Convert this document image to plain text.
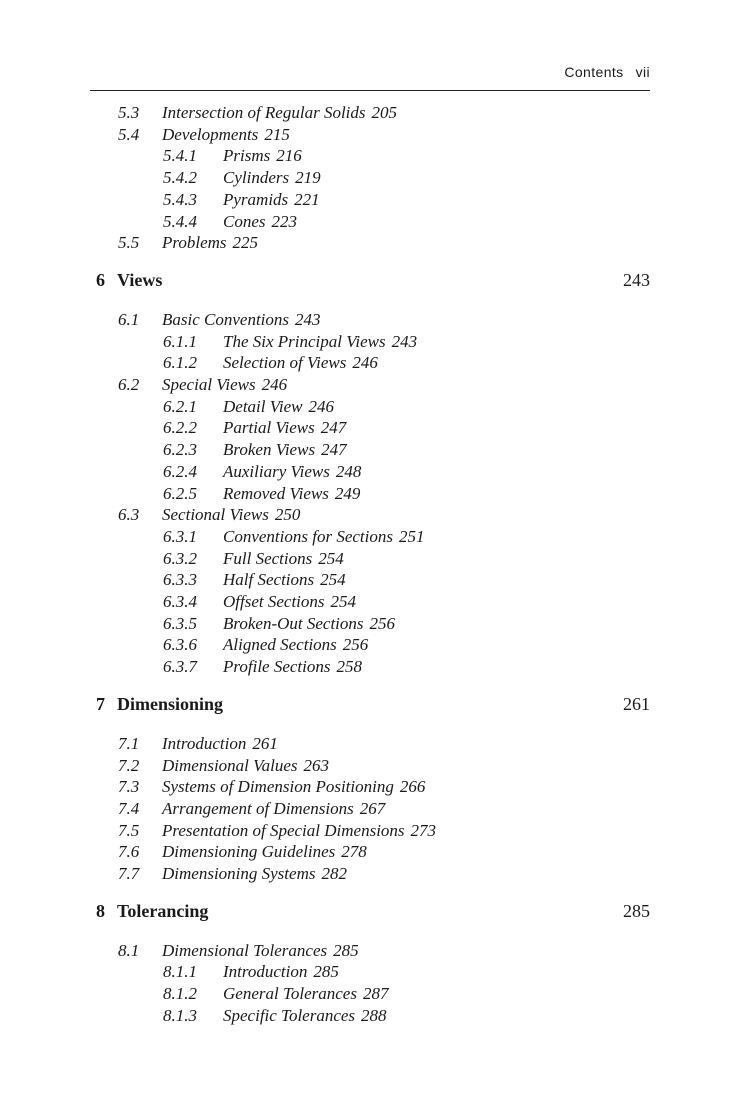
Contents vii
5.3 Intersection of Regular Solids 205
5.4 Developments 215
5.4.1 Prisms 216
5.4.2 Cylinders 219
5.4.3 Pyramids 221
5.4.4 Cones 223
5.5 Problems 225
6 Views	243
6.1 Basic Conventions 243
6.1.1 The Six Principal Views 243
6.1.2 Selection of Views 246
6.2 Special Views 246
6.2.1 Detail View 246
6.2.2 Partial Views 247
6.2.3 Broken Views 247
6.2.4 Auxiliary Views 248
6.2.5 Removed Views 249
6.3 Sectional Views 250
6.3.1 Conventions for Sections 251
6.3.2 Full Sections 254
6.3.3 Half Sections 254
6.3.4 Offset Sections 254
6.3.5 Broken-Out Sections 256
6.3.6 Aligned Sections 256
6.3.7 Profile Sections 258
7 Dimensioning	261
7.1 Introduction 261
7.2 Dimensional Values 263
7.3 Systems of Dimension Positioning 266
7.4 Arrangement of Dimensions 267
7.5 Presentation of Special Dimensions 273
7.6 Dimensioning Guidelines 278
7.7 Dimensioning Systems 282
8 Tolerancing	285
8.1 Dimensional Tolerances 285
8.1.1 Introduction 285
8.1.2 General Tolerances 287
8.1.3 Specific Tolerances 288
